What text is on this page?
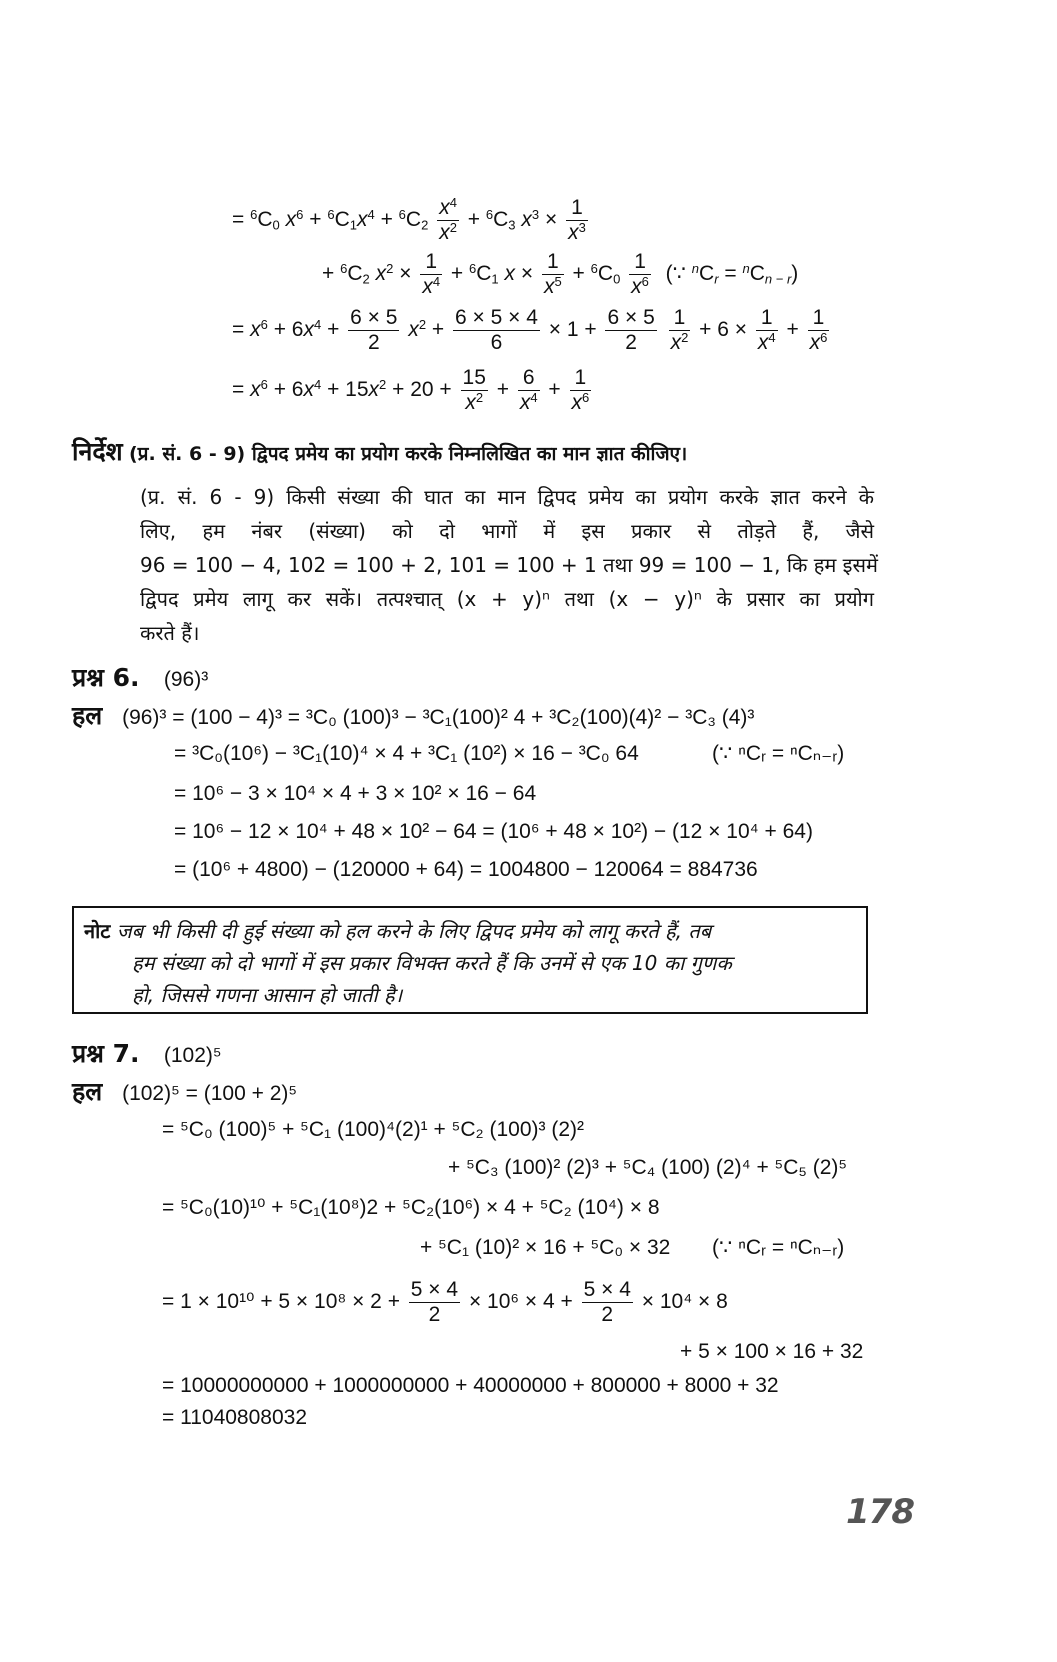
= $^6C_0$ $x^6 + ^6C_1x^4 + ^6C_2 \frac{x^4}{x^2} + ^6C_3$ $x^3 \times \frac{1}{x^3}$
+ $^6C_2$ $x^2 \times \frac{1}{x^4} + ^6C_1$ $x \times \frac{1}{x^5} + ^6C_0 \frac{1}{x^6}$ (∵ $^nC_r = ^nC_{n - r}$)
= $x^6 + 6x^4 + \frac{6 \times 5}{2} x^2 + \frac{6 \times 5 \times 4}{6} \times 1 + \frac{6 \times 5}{2}$
$\frac{1}{x^2} + 6 \times \frac{1}{x^4} + \frac{1}{x^6}$
= $x^6 + 6x^4 + 15x^2 + 20 + \frac{15}{x^2} + \frac{6}{x^4} + \frac{1}{x^6}$
निर्देश (प्र. सं. 6 - 9) द्विपद प्रमेय का प्रयोग करके निम्नलिखित का मान ज्ञात कीजिए।
(प्र. सं. 6 - 9) किसी संख्या की घात का मान द्विपद प्रमेय का प्रयोग करके ज्ञात करने के
लिए, हम नंबर (संख्या) को दो भागों में इस प्रकार से तोड़ते हैं, जैसे
96 = 100 − 4, 102 = 100 + 2, 101 = 100 + 1 तथा 99 = 100 − 1, कि हम इसमें
द्विपद प्रमेय लागू कर सकें। तत्पश्चात् (x + y)ⁿ तथा (x − y)ⁿ के प्रसार का प्रयोग
करते हैं।
प्रश्न 6. (96)³
हल (96)³ = (100 − 4)³ = ³C₀ (100)³ − ³C₁(100)² 4 + ³C₂(100)(4)² − ³C₃ (4)³
= ³C₀(10⁶) − ³C₁(10)⁴ × 4 + ³C₁ (10²) × 16 − ³C₀ 64	(∵ ⁿCᵣ = ⁿCₙ₋ᵣ)
= 10⁶ − 3 × 10⁴ × 4 + 3 × 10² × 16 − 64
= 10⁶ − 12 × 10⁴ + 48 × 10² − 64 = (10⁶ + 48 × 10²) − (12 × 10⁴ + 64)
= (10⁶ + 4800) − (120000 + 64) = 1004800 − 120064 = 884736
नोट जब भी किसी दी हुई संख्या को हल करने के लिए द्विपद प्रमेय को लागू करते हैं, तब
हम संख्या को दो भागों में इस प्रकार विभक्त करते हैं कि उनमें से एक 10 का गुणक
हो, जिससे गणना आसान हो जाती है।
प्रश्न 7. (102)⁵
हल (102)⁵ = (100 + 2)⁵
= ⁵C₀ (100)⁵ + ⁵C₁ (100)⁴(2)¹ + ⁵C₂ (100)³ (2)²
+ ⁵C₃ (100)² (2)³ + ⁵C₄ (100) (2)⁴ + ⁵C₅ (2)⁵
= ⁵C₀(10)¹⁰ + ⁵C₁(10⁸)2 + ⁵C₂(10⁶) × 4 + ⁵C₂ (10⁴) × 8
+ ⁵C₁ (10)² × 16 + ⁵C₀ × 32 (∵ ⁿCᵣ = ⁿCₙ₋ᵣ)
= $1 \times 10^{10} + 5 \times 10^8 \times 2 + \frac{5 \times 4}{2} \times 10^6 \times 4 + \frac{5 \times 4}{2} \times 10^4 \times 8$
+ 5 × 100 × 16 + 32
= 10000000000 + 1000000000 + 40000000 + 800000 + 8000 + 32
= 11040808032
178
